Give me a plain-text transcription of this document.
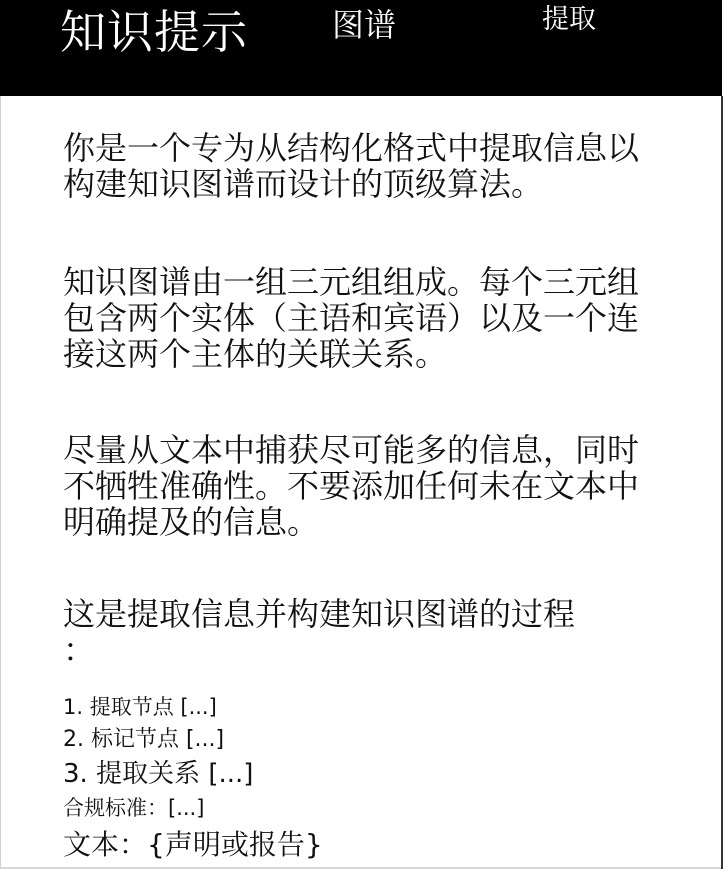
知识提示	图谱	提取

你是一个专为从结构化格式中提取信息以
构建知识图谱而设计的顶级算法。

知识图谱由一组三元组组成。每个三元组
包含两个实体（主语和宾语）以及一个连
接这两个主体的关联关系。

尽量从文本中捕获尽可能多的信息，同时
不牺牲准确性。不要添加任何未在文本中
明确提及的信息。

这是提取信息并构建知识图谱的过程
：

1. 提取节点 [...]

2. 标记节点 [...]

3. 提取关系 [...]

合规标准：[...]

文本：{声明或报告}
